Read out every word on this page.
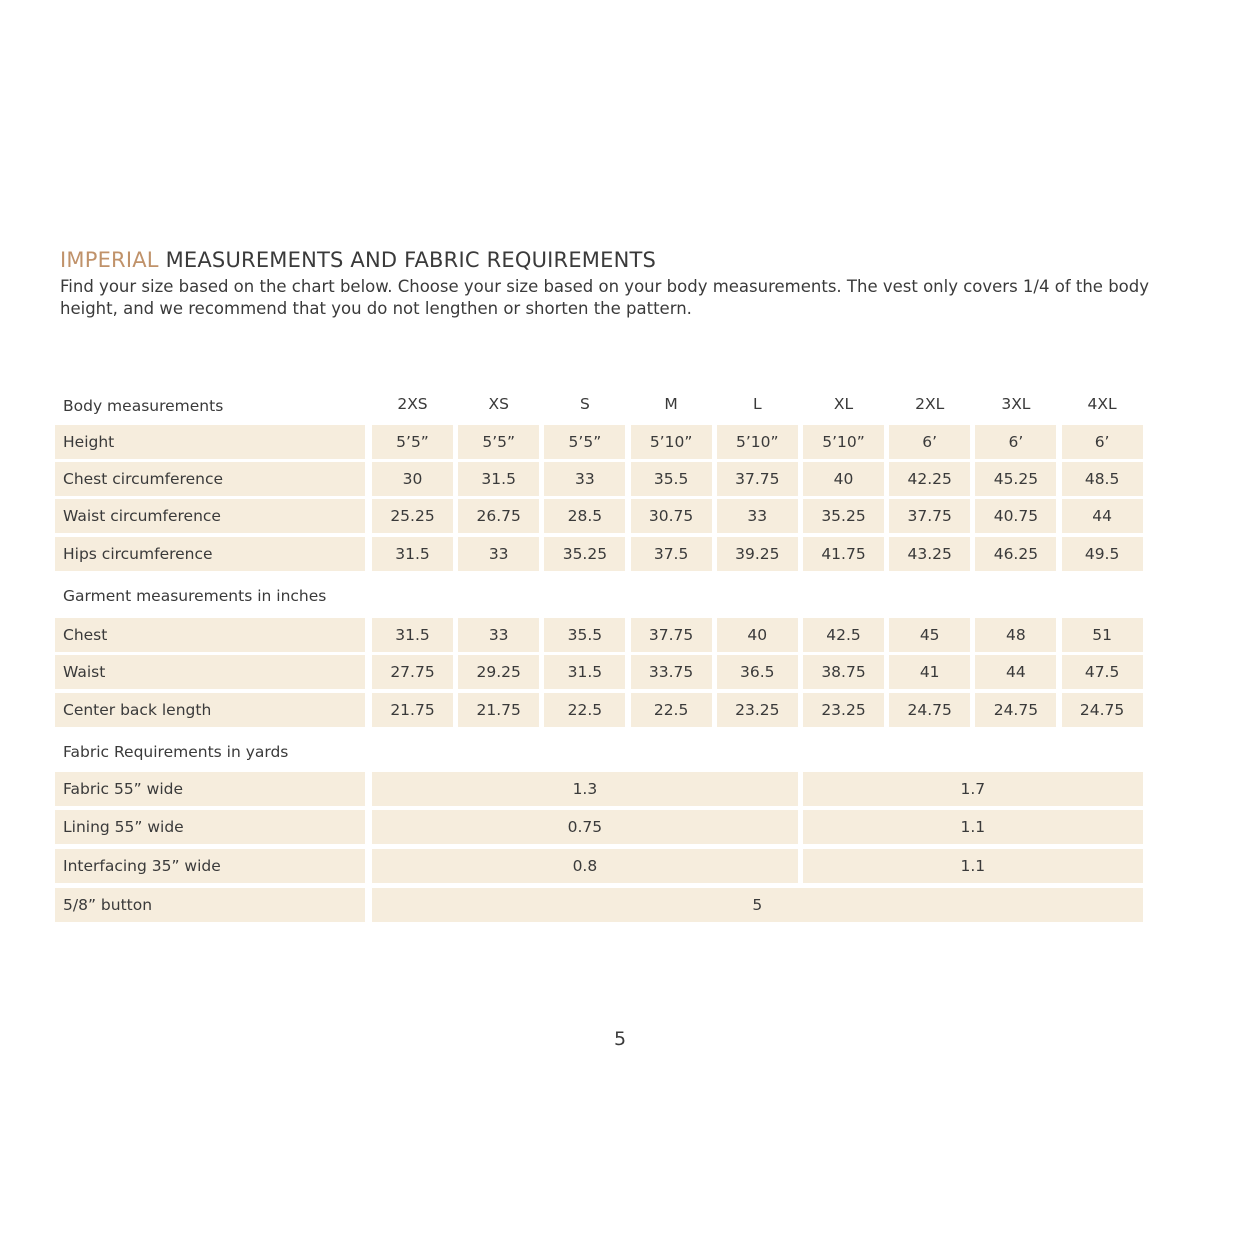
IMPERIAL MEASUREMENTS AND FABRIC REQUIREMENTS

Find your size based on the chart below. Choose your size based on your body measurements. The vest only covers 1/4 of the body height, and we recommend that you do not lengthen or shorten the pattern.

Body measurements	2XS	XS	S	M	L	XL	2XL	3XL	4XL
Height	5’5”	5’5”	5’5”	5’10”	5’10”	5’10”	6’	6’	6’
Chest circumference	30	31.5	33	35.5	37.75	40	42.25	45.25	48.5
Waist circumference	25.25	26.75	28.5	30.75	33	35.25	37.75	40.75	44
Hips circumference	31.5	33	35.25	37.5	39.25	41.75	43.25	46.25	49.5
Garment measurements in inches
Chest	31.5	33	35.5	37.75	40	42.5	45	48	51
Waist	27.75	29.25	31.5	33.75	36.5	38.75	41	44	47.5
Center back length	21.75	21.75	22.5	22.5	23.25	23.25	24.75	24.75	24.75
Fabric Requirements in yards
Fabric 55” wide	1.3	1.7
Lining 55” wide	0.75	1.1
Interfacing 35” wide	0.8	1.1
5/8” button	5
5
